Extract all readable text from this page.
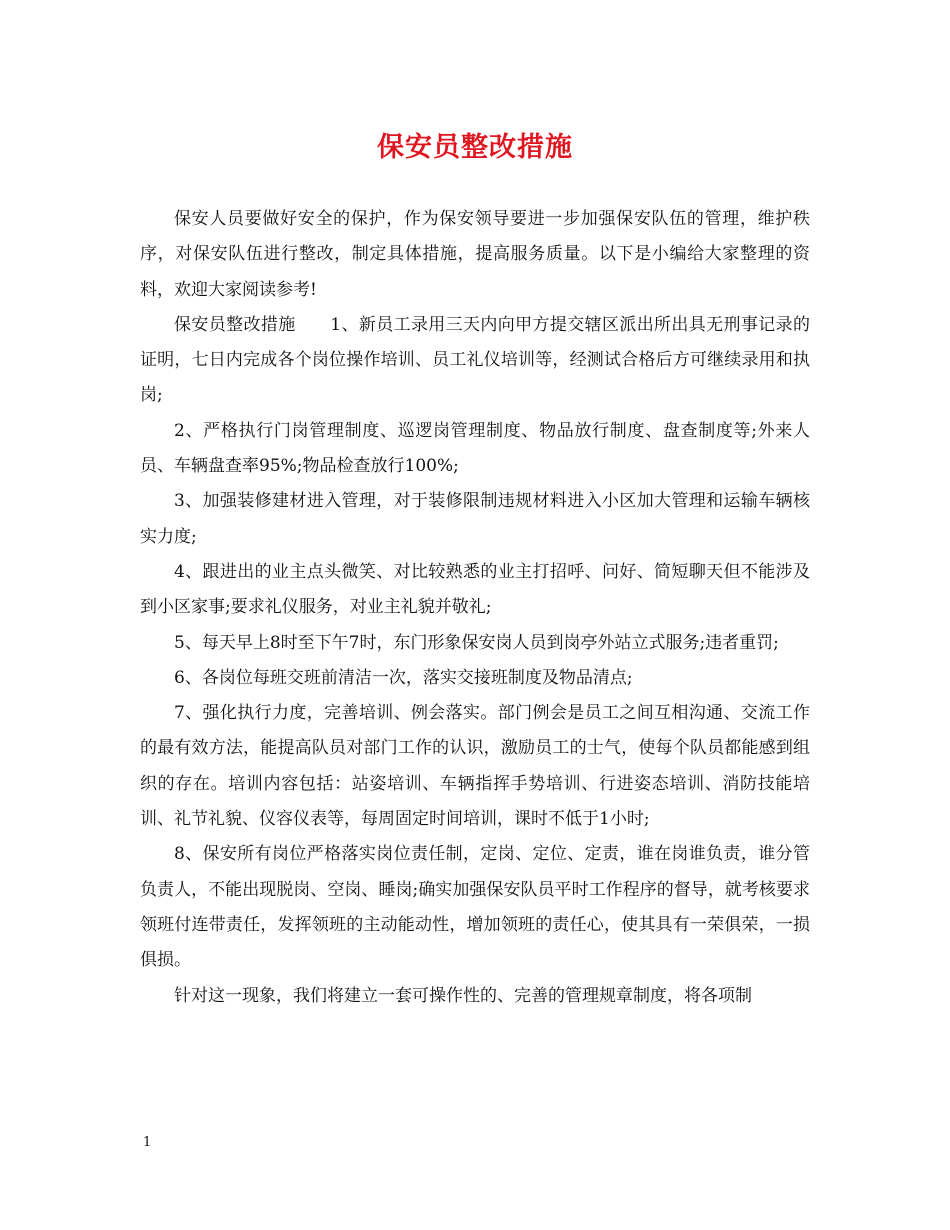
保安员整改措施

保安人员要做好安全的保护，作为保安领导要进一步加强保安队伍的管理，维护秩序，对保安队伍进行整改，制定具体措施，提高服务质量。以下是小编给大家整理的资料，欢迎大家阅读参考!

保安员整改措施　　1、新员工录用三天内向甲方提交辖区派出所出具无刑事记录的证明，七日内完成各个岗位操作培训、员工礼仪培训等，经测试合格后方可继续录用和执岗;

2、严格执行门岗管理制度、巡逻岗管理制度、物品放行制度、盘查制度等;外来人员、车辆盘查率95%;物品检查放行100%;

3、加强装修建材进入管理，对于装修限制违规材料进入小区加大管理和运输车辆核实力度;

4、跟进出的业主点头微笑、对比较熟悉的业主打招呼、问好、简短聊天但不能涉及到小区家事;要求礼仪服务，对业主礼貌并敬礼;

5、每天早上8时至下午7时，东门形象保安岗人员到岗亭外站立式服务;违者重罚;

6、各岗位每班交班前清洁一次，落实交接班制度及物品清点;

7、强化执行力度，完善培训、例会落实。部门例会是员工之间互相沟通、交流工作的最有效方法，能提高队员对部门工作的认识，激励员工的士气，使每个队员都能感到组织的存在。培训内容包括：站姿培训、车辆指挥手势培训、行进姿态培训、消防技能培训、礼节礼貌、仪容仪表等，每周固定时间培训，课时不低于1小时;

8、保安所有岗位严格落实岗位责任制，定岗、定位、定责，谁在岗谁负责，谁分管负责人，不能出现脱岗、空岗、睡岗;确实加强保安队员平时工作程序的督导，就考核要求领班付连带责任，发挥领班的主动能动性，增加领班的责任心，使其具有一荣俱荣，一损俱损。

针对这一现象，我们将建立一套可操作性的、完善的管理规章制度，将各项制

1
